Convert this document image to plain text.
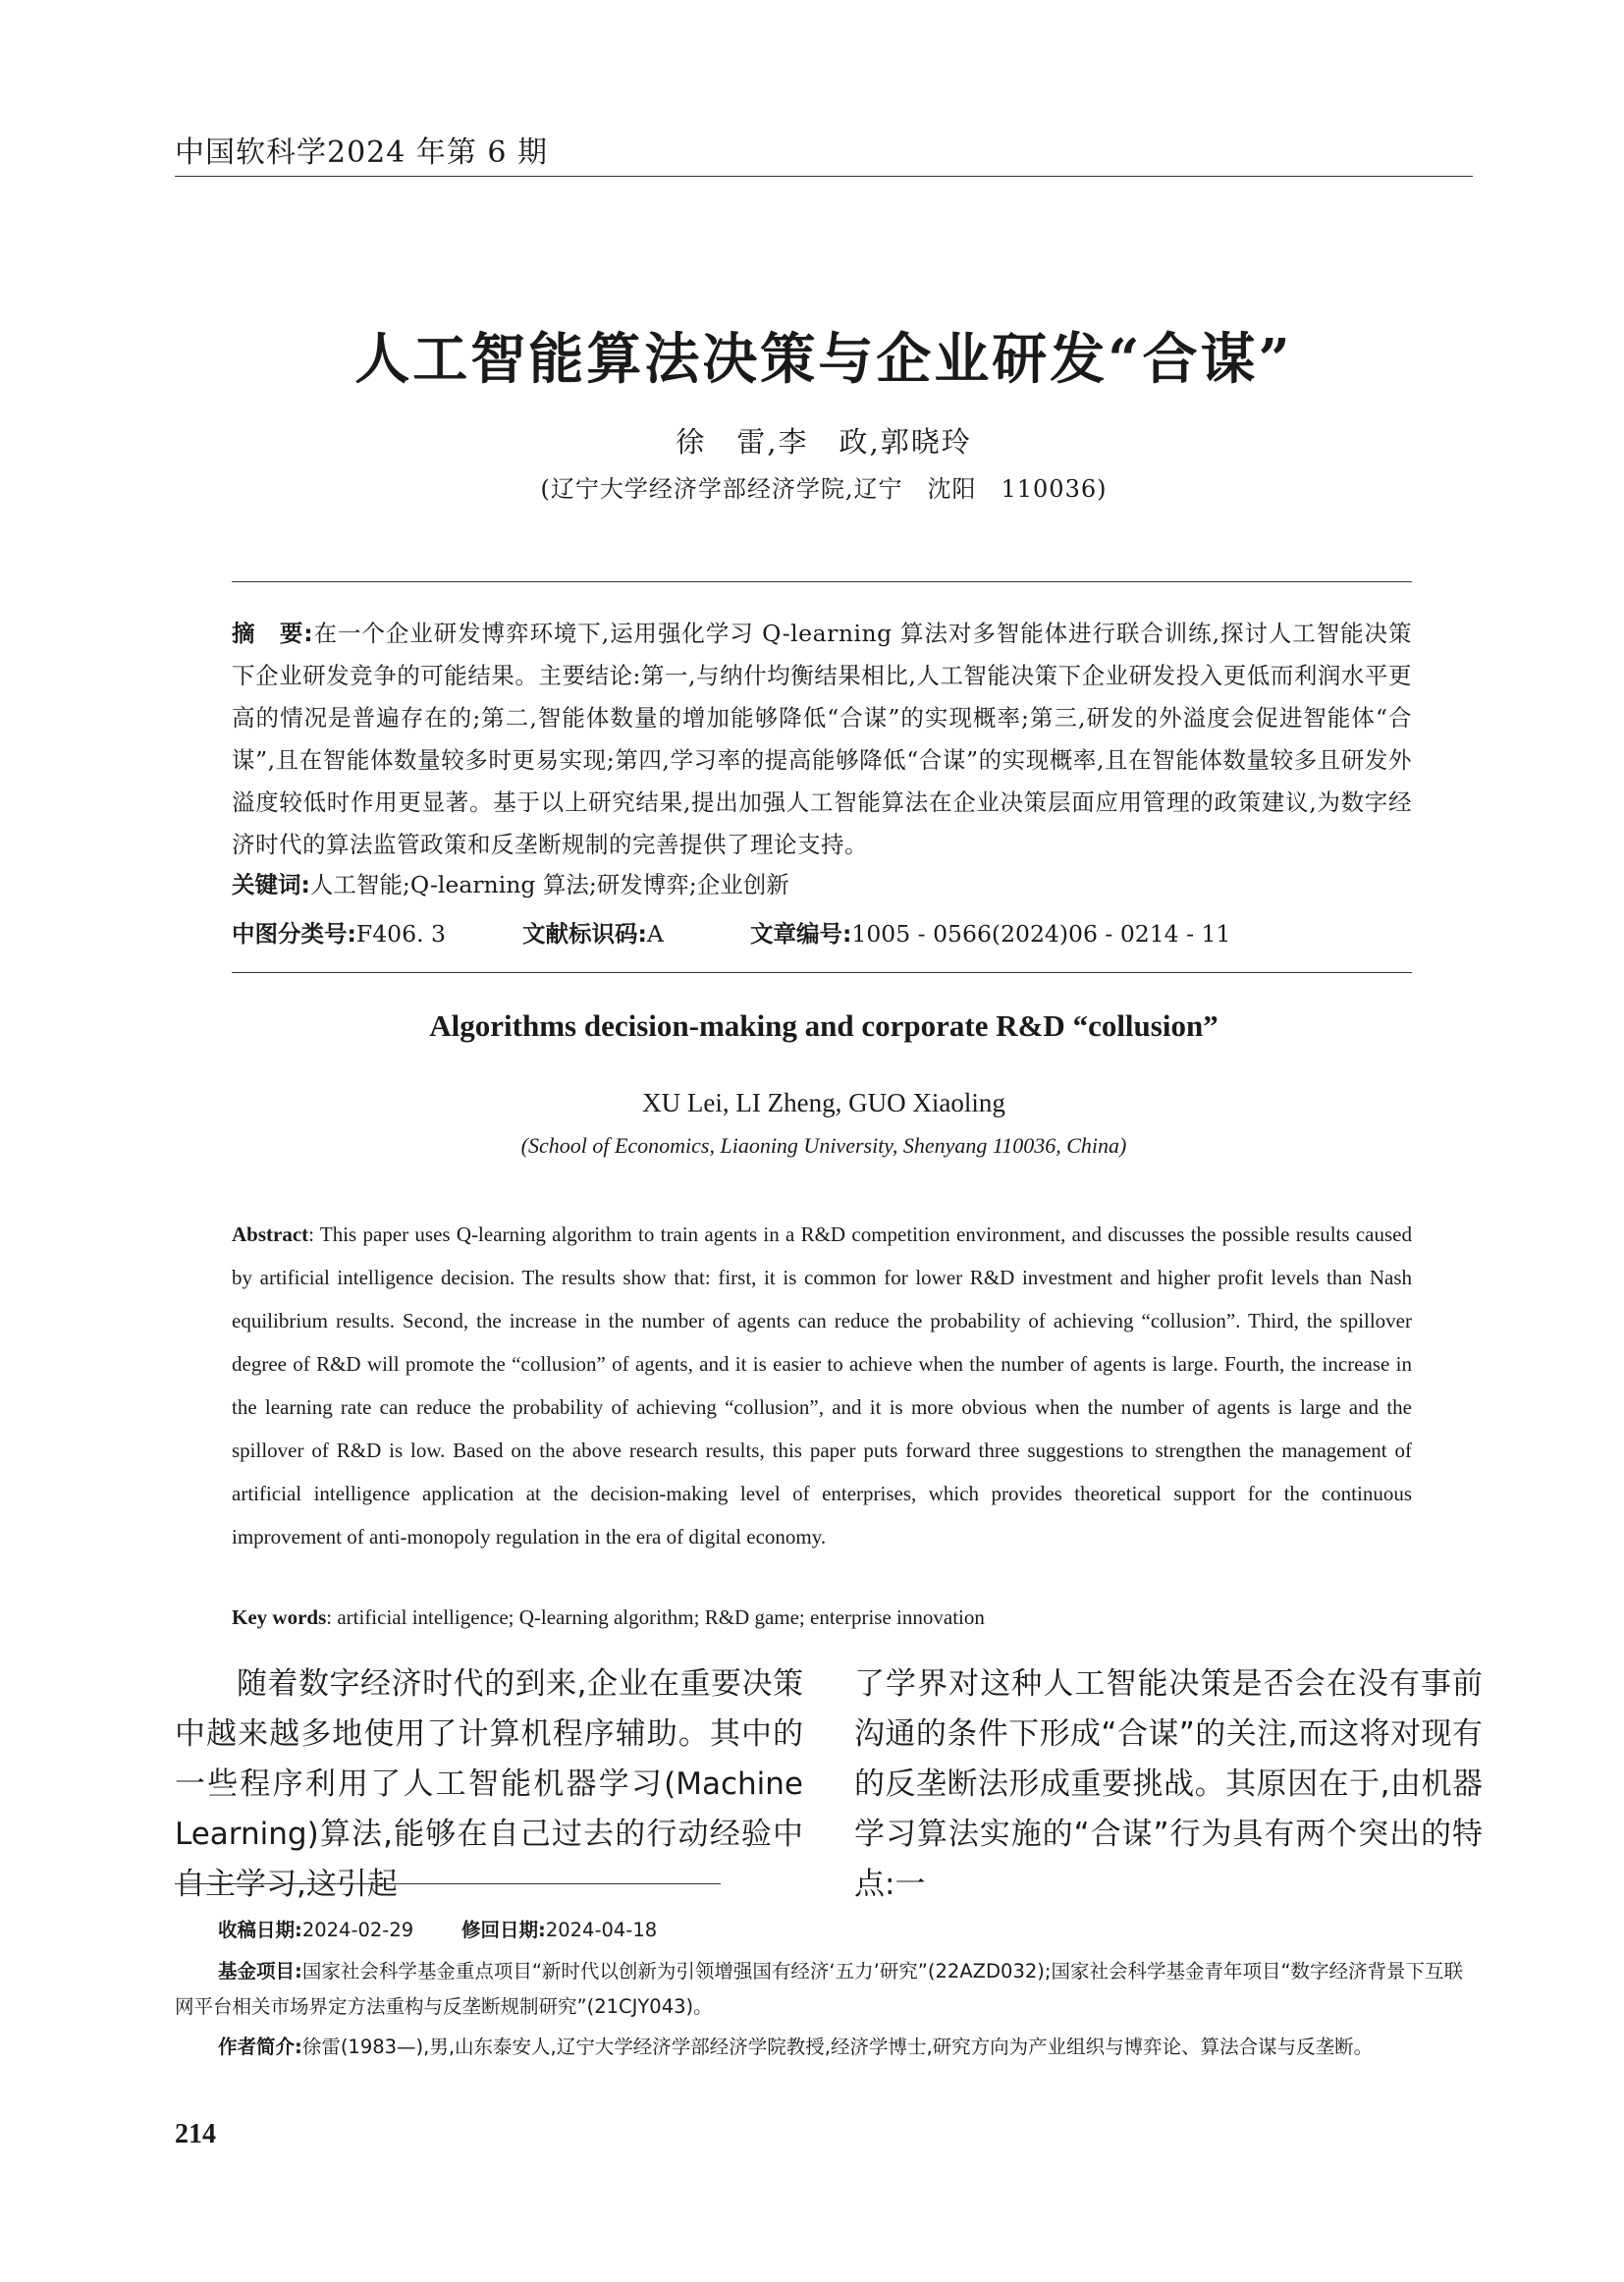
中国软科学2024 年第 6 期
人工智能算法决策与企业研发“合谋”
徐　雷,李　政,郭晓玲
(辽宁大学经济学部经济学院,辽宁　沈阳　110036)
摘　要:在一个企业研发博弈环境下,运用强化学习 Q-learning 算法对多智能体进行联合训练,探讨人工智能决策下企业研发竞争的可能结果。主要结论:第一,与纳什均衡结果相比,人工智能决策下企业研发投入更低而利润水平更高的情况是普遍存在的;第二,智能体数量的增加能够降低“合谋”的实现概率;第三,研发的外溢度会促进智能体“合谋”,且在智能体数量较多时更易实现;第四,学习率的提高能够降低“合谋”的实现概率,且在智能体数量较多且研发外溢度较低时作用更显著。基于以上研究结果,提出加强人工智能算法在企业决策层面应用管理的政策建议,为数字经济时代的算法监管政策和反垄断规制的完善提供了理论支持。
关键词:人工智能;Q-learning 算法;研发博弈;企业创新
中图分类号:F406. 3	文献标识码:A	文章编号:1005 - 0566(2024)06 - 0214 - 11
Algorithms decision-making and corporate R&D “collusion”
XU Lei, LI Zheng, GUO Xiaoling
(School of Economics, Liaoning University, Shenyang 110036, China)
Abstract: This paper uses Q-learning algorithm to train agents in a R&D competition environment, and discusses the possible results caused by artificial intelligence decision. The results show that: first, it is common for lower R&D investment and higher profit levels than Nash equilibrium results. Second, the increase in the number of agents can reduce the probability of achieving “collusion”. Third, the spillover degree of R&D will promote the “collusion” of agents, and it is easier to achieve when the number of agents is large. Fourth, the increase in the learning rate can reduce the probability of achieving “collusion”, and it is more obvious when the number of agents is large and the spillover of R&D is low. Based on the above research results, this paper puts forward three suggestions to strengthen the management of artificial intelligence application at the decision-making level of enterprises, which provides theoretical support for the continuous improvement of anti-monopoly regulation in the era of digital economy.
Key words: artificial intelligence; Q-learning algorithm; R&D game; enterprise innovation
　　随着数字经济时代的到来,企业在重要决策中越来越多地使用了计算机程序辅助。其中的一些程序利用了人工智能机器学习(Machine Learning)算法,能够在自己过去的行动经验中自主学习,这引起
了学界对这种人工智能决策是否会在没有事前沟通的条件下形成“合谋”的关注,而这将对现有的反垄断法形成重要挑战。其原因在于,由机器学习算法实施的“合谋”行为具有两个突出的特点:一
收稿日期:2024-02-29	修回日期:2024-04-18
基金项目:国家社会科学基金重点项目“新时代以创新为引领增强国有经济‘五力’研究”(22AZD032);国家社会科学基金青年项目“数字经济背景下互联网平台相关市场界定方法重构与反垄断规制研究”(21CJY043)。
作者简介:徐雷(1983—),男,山东泰安人,辽宁大学经济学部经济学院教授,经济学博士,研究方向为产业组织与博弈论、算法合谋与反垄断。
214
